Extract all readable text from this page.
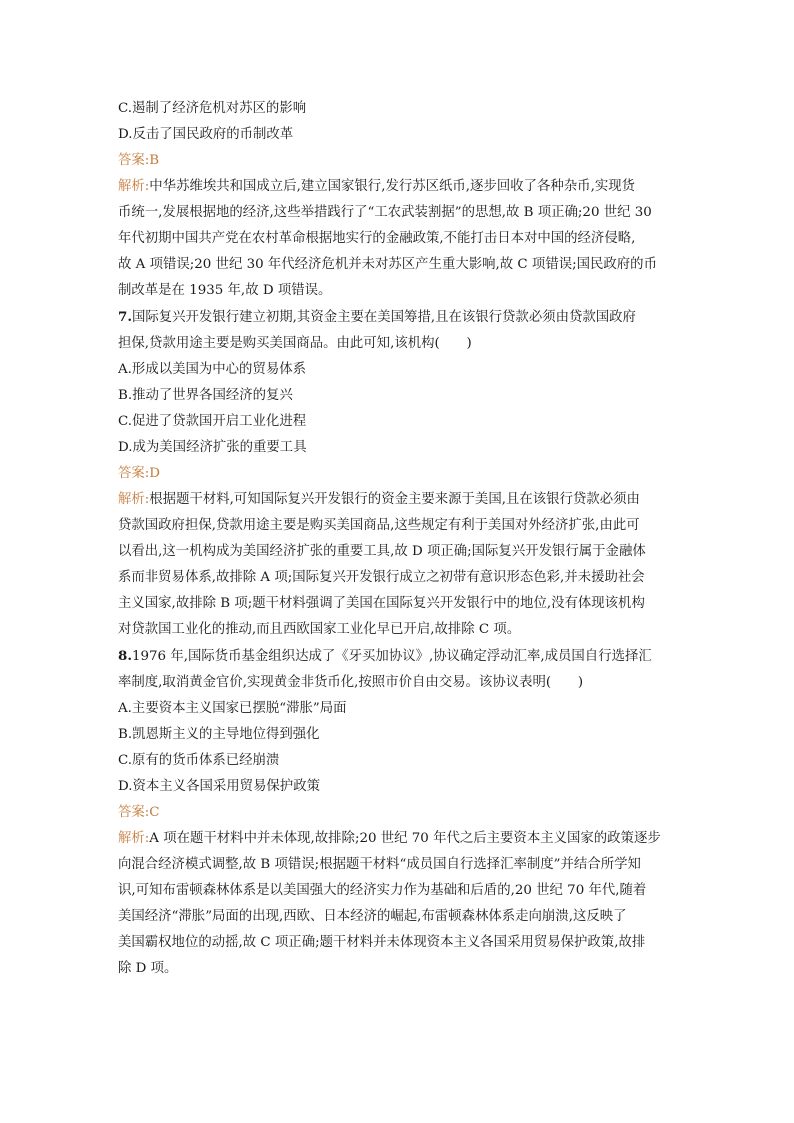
C.遏制了经济危机对苏区的影响
D.反击了国民政府的币制改革
答案:B
解析:中华苏维埃共和国成立后,建立国家银行,发行苏区纸币,逐步回收了各种杂币,实现货
币统一,发展根据地的经济,这些举措践行了“工农武装割据”的思想,故 B 项正确;20 世纪 30
年代初期中国共产党在农村革命根据地实行的金融政策,不能打击日本对中国的经济侵略,
故 A 项错误;20 世纪 30 年代经济危机并未对苏区产生重大影响,故 C 项错误;国民政府的币
制改革是在 1935 年,故 D 项错误。
7.国际复兴开发银行建立初期,其资金主要在美国筹措,且在该银行贷款必须由贷款国政府
担保,贷款用途主要是购买美国商品。由此可知,该机构(　　)
A.形成以美国为中心的贸易体系
B.推动了世界各国经济的复兴
C.促进了贷款国开启工业化进程
D.成为美国经济扩张的重要工具
答案:D
解析:根据题干材料,可知国际复兴开发银行的资金主要来源于美国,且在该银行贷款必须由
贷款国政府担保,贷款用途主要是购买美国商品,这些规定有利于美国对外经济扩张,由此可
以看出,这一机构成为美国经济扩张的重要工具,故 D 项正确;国际复兴开发银行属于金融体
系而非贸易体系,故排除 A 项;国际复兴开发银行成立之初带有意识形态色彩,并未援助社会
主义国家,故排除 B 项;题干材料强调了美国在国际复兴开发银行中的地位,没有体现该机构
对贷款国工业化的推动,而且西欧国家工业化早已开启,故排除 C 项。
8.1976 年,国际货币基金组织达成了《牙买加协议》,协议确定浮动汇率,成员国自行选择汇
率制度,取消黄金官价,实现黄金非货币化,按照市价自由交易。该协议表明(　　)
A.主要资本主义国家已摆脱“滞胀”局面
B.凯恩斯主义的主导地位得到强化
C.原有的货币体系已经崩溃
D.资本主义各国采用贸易保护政策
答案:C
解析:A 项在题干材料中并未体现,故排除;20 世纪 70 年代之后主要资本主义国家的政策逐步
向混合经济模式调整,故 B 项错误;根据题干材料“成员国自行选择汇率制度”并结合所学知
识,可知布雷顿森林体系是以美国强大的经济实力作为基础和后盾的,20 世纪 70 年代,随着
美国经济“滞胀”局面的出现,西欧、日本经济的崛起,布雷顿森林体系走向崩溃,这反映了
美国霸权地位的动摇,故 C 项正确;题干材料并未体现资本主义各国采用贸易保护政策,故排
除 D 项。
